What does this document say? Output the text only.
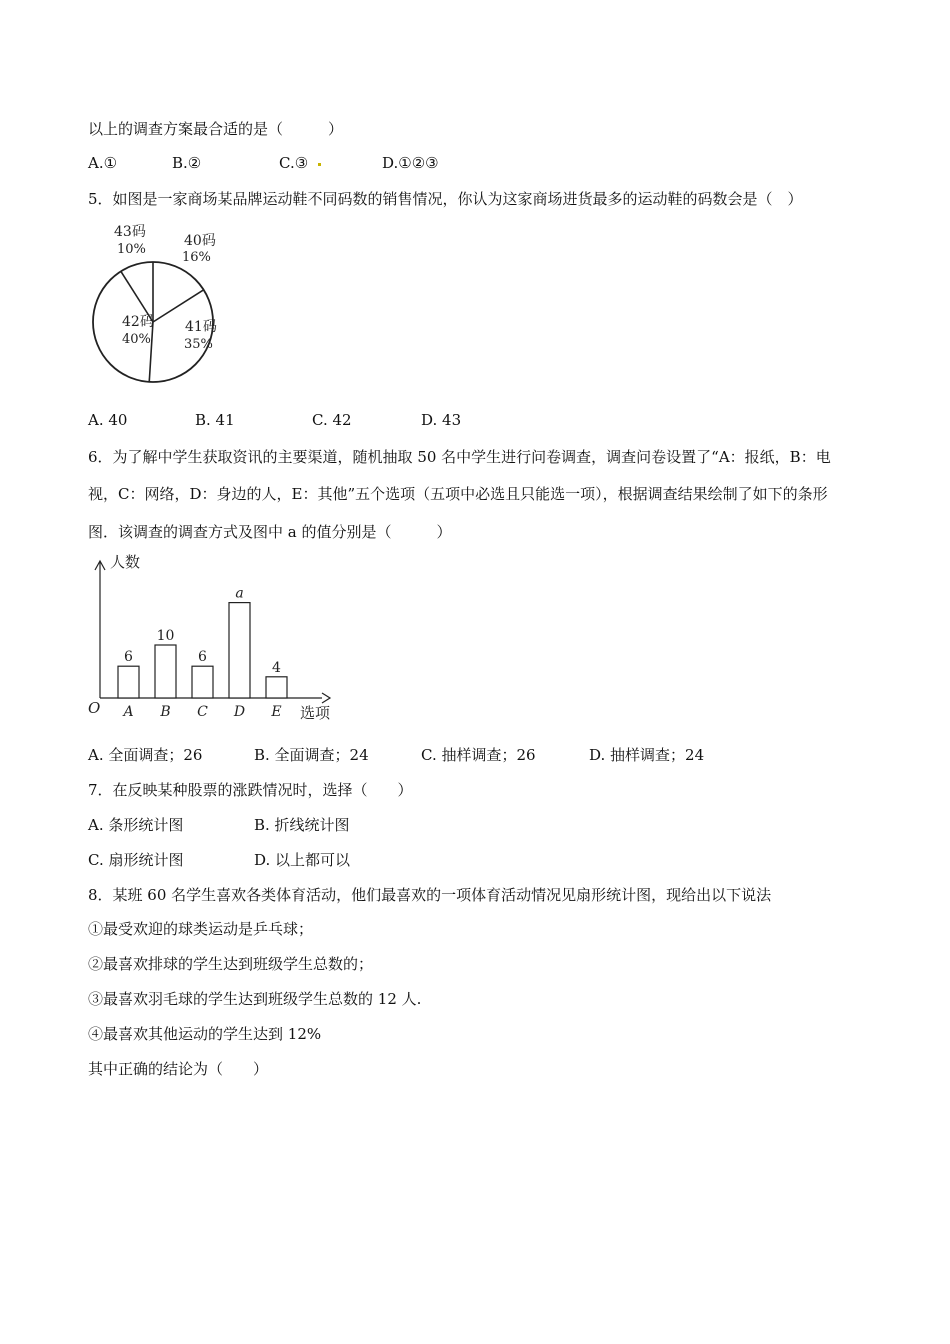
以上的调查方案最合适的是（　　　）
A.①	B.②	C.③	D.①②③
5．如图是一家商场某品牌运动鞋不同码数的销售情况，你认为这家商场进货最多的运动鞋的码数会是（　）
40码
16%
41码
35%
42码
40%
43码
10%
A. 40	B. 41	C. 42	D. 43
6．为了解中学生获取资讯的主要渠道，随机抽取 50 名中学生进行问卷调查，调查问卷设置了“A：报纸，B：电
视，C：网络，D：身边的人，E：其他”五个选项（五项中必选且只能选一项），根据调查结果绘制了如下的条形
图．该调查的调查方式及图中 a 的值分别是（　　　）
人数
选项
O
6
A
10
B
6
C
a
D
4
E
A. 全面调查；26	B. 全面调查；24	C. 抽样调查；26	D. 抽样调查；24
7．在反映某种股票的涨跌情况时，选择（　　）
A. 条形统计图	B. 折线统计图
C. 扇形统计图	D. 以上都可以
8．某班 60 名学生喜欢各类体育活动，他们最喜欢的一项体育活动情况见扇形统计图，现给出以下说法
①最受欢迎的球类运动是乒乓球；
②最喜欢排球的学生达到班级学生总数的；
③最喜欢羽毛球的学生达到班级学生总数的 12 人.
④最喜欢其他运动的学生达到 12%
其中正确的结论为（　　）
